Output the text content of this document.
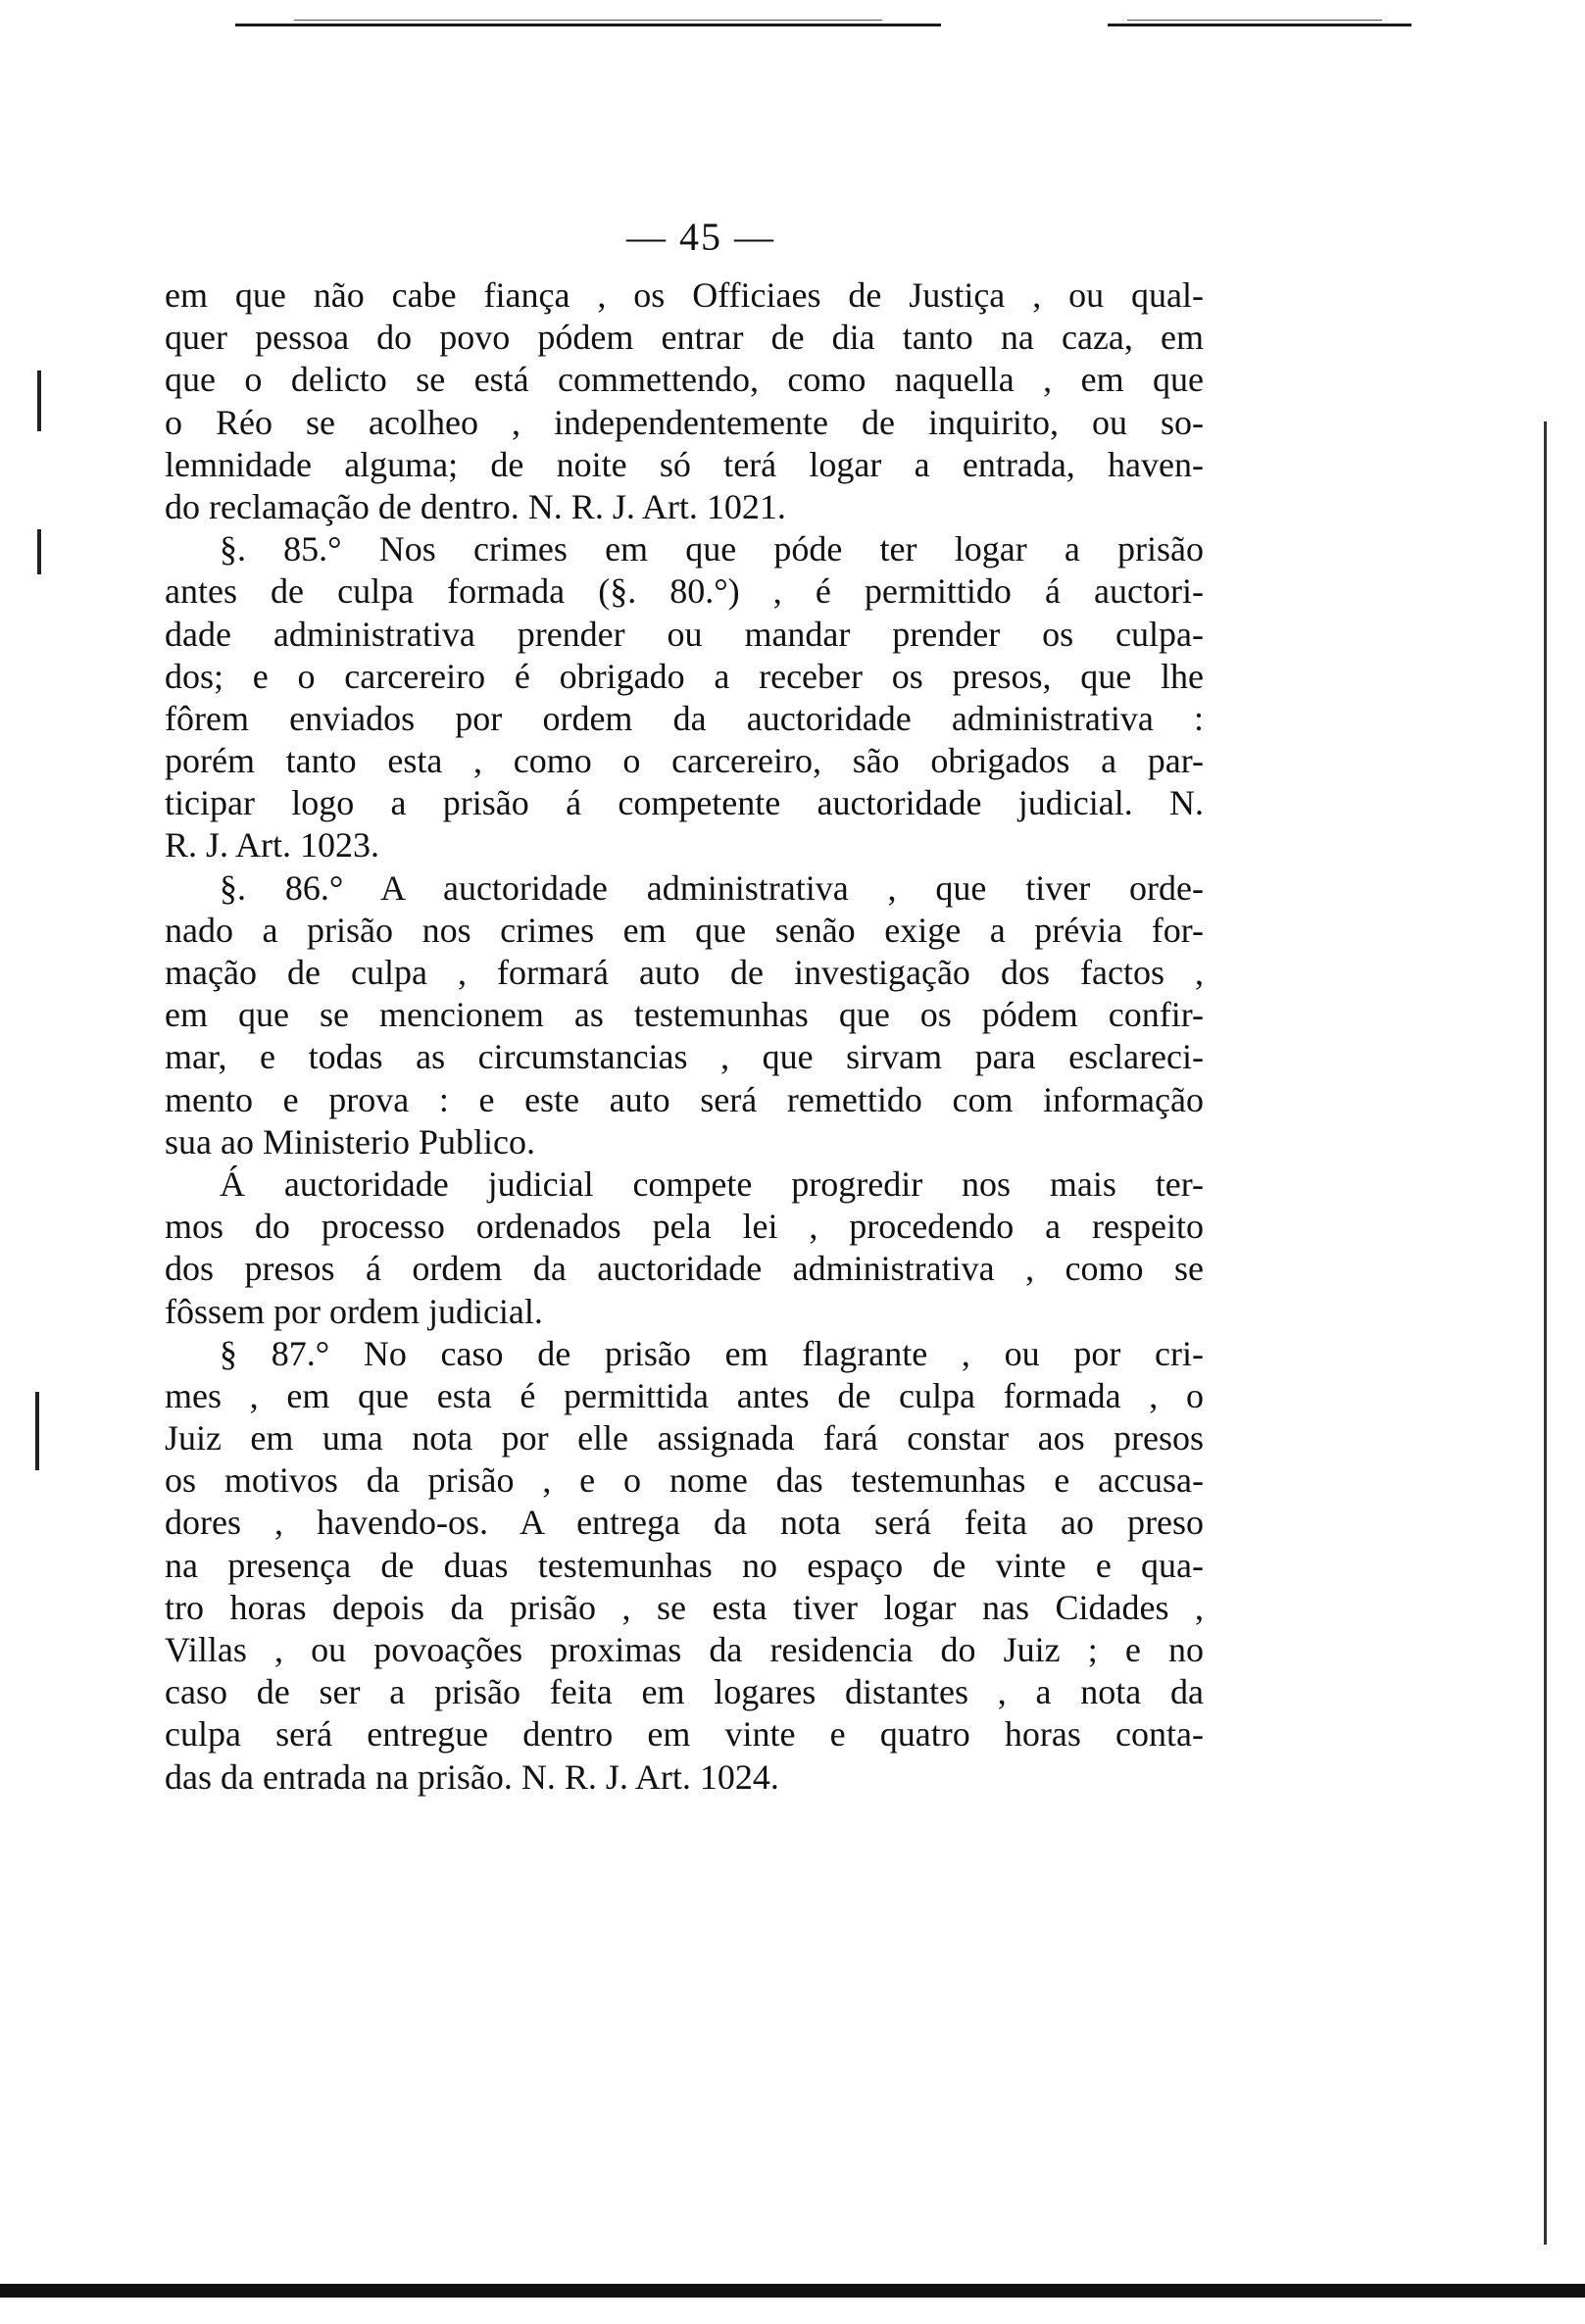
— 45 —
em que não cabe fiança , os Officiaes de Justiça , ou qual-
quer pessoa do povo pódem entrar de dia tanto na caza, em
que o delicto se está commettendo, como naquella , em que
o Réo se acolheo , independentemente de inquirito, ou so-
lemnidade alguma; de noite só terá logar a entrada, haven-
do reclamação de dentro. N. R. J. Art. 1021.
§. 85.° Nos crimes em que póde ter logar a prisão
antes de culpa formada (§. 80.°) , é permittido á auctori-
dade administrativa prender ou mandar prender os culpa-
dos; e o carcereiro é obrigado a receber os presos, que lhe
fôrem enviados por ordem da auctoridade administrativa :
porém tanto esta , como o carcereiro, são obrigados a par-
ticipar logo a prisão á competente auctoridade judicial. N.
R. J. Art. 1023.
§. 86.° A auctoridade administrativa , que tiver orde-
nado a prisão nos crimes em que senão exige a prévia for-
mação de culpa , formará auto de investigação dos factos ,
em que se mencionem as testemunhas que os pódem confir-
mar, e todas as circumstancias , que sirvam para esclareci-
mento e prova : e este auto será remettido com informação
sua ao Ministerio Publico.
Á auctoridade judicial compete progredir nos mais ter-
mos do processo ordenados pela lei , procedendo a respeito
dos presos á ordem da auctoridade administrativa , como se
fôssem por ordem judicial.
§ 87.° No caso de prisão em flagrante , ou por cri-
mes , em que esta é permittida antes de culpa formada , o
Juiz em uma nota por elle assignada fará constar aos presos
os motivos da prisão , e o nome das testemunhas e accusa-
dores , havendo-os. A entrega da nota será feita ao preso
na presença de duas testemunhas no espaço de vinte e qua-
tro horas depois da prisão , se esta tiver logar nas Cidades ,
Villas , ou povoações proximas da residencia do Juiz ; e no
caso de ser a prisão feita em logares distantes , a nota da
culpa será entregue dentro em vinte e quatro horas conta-
das da entrada na prisão. N. R. J. Art. 1024.
